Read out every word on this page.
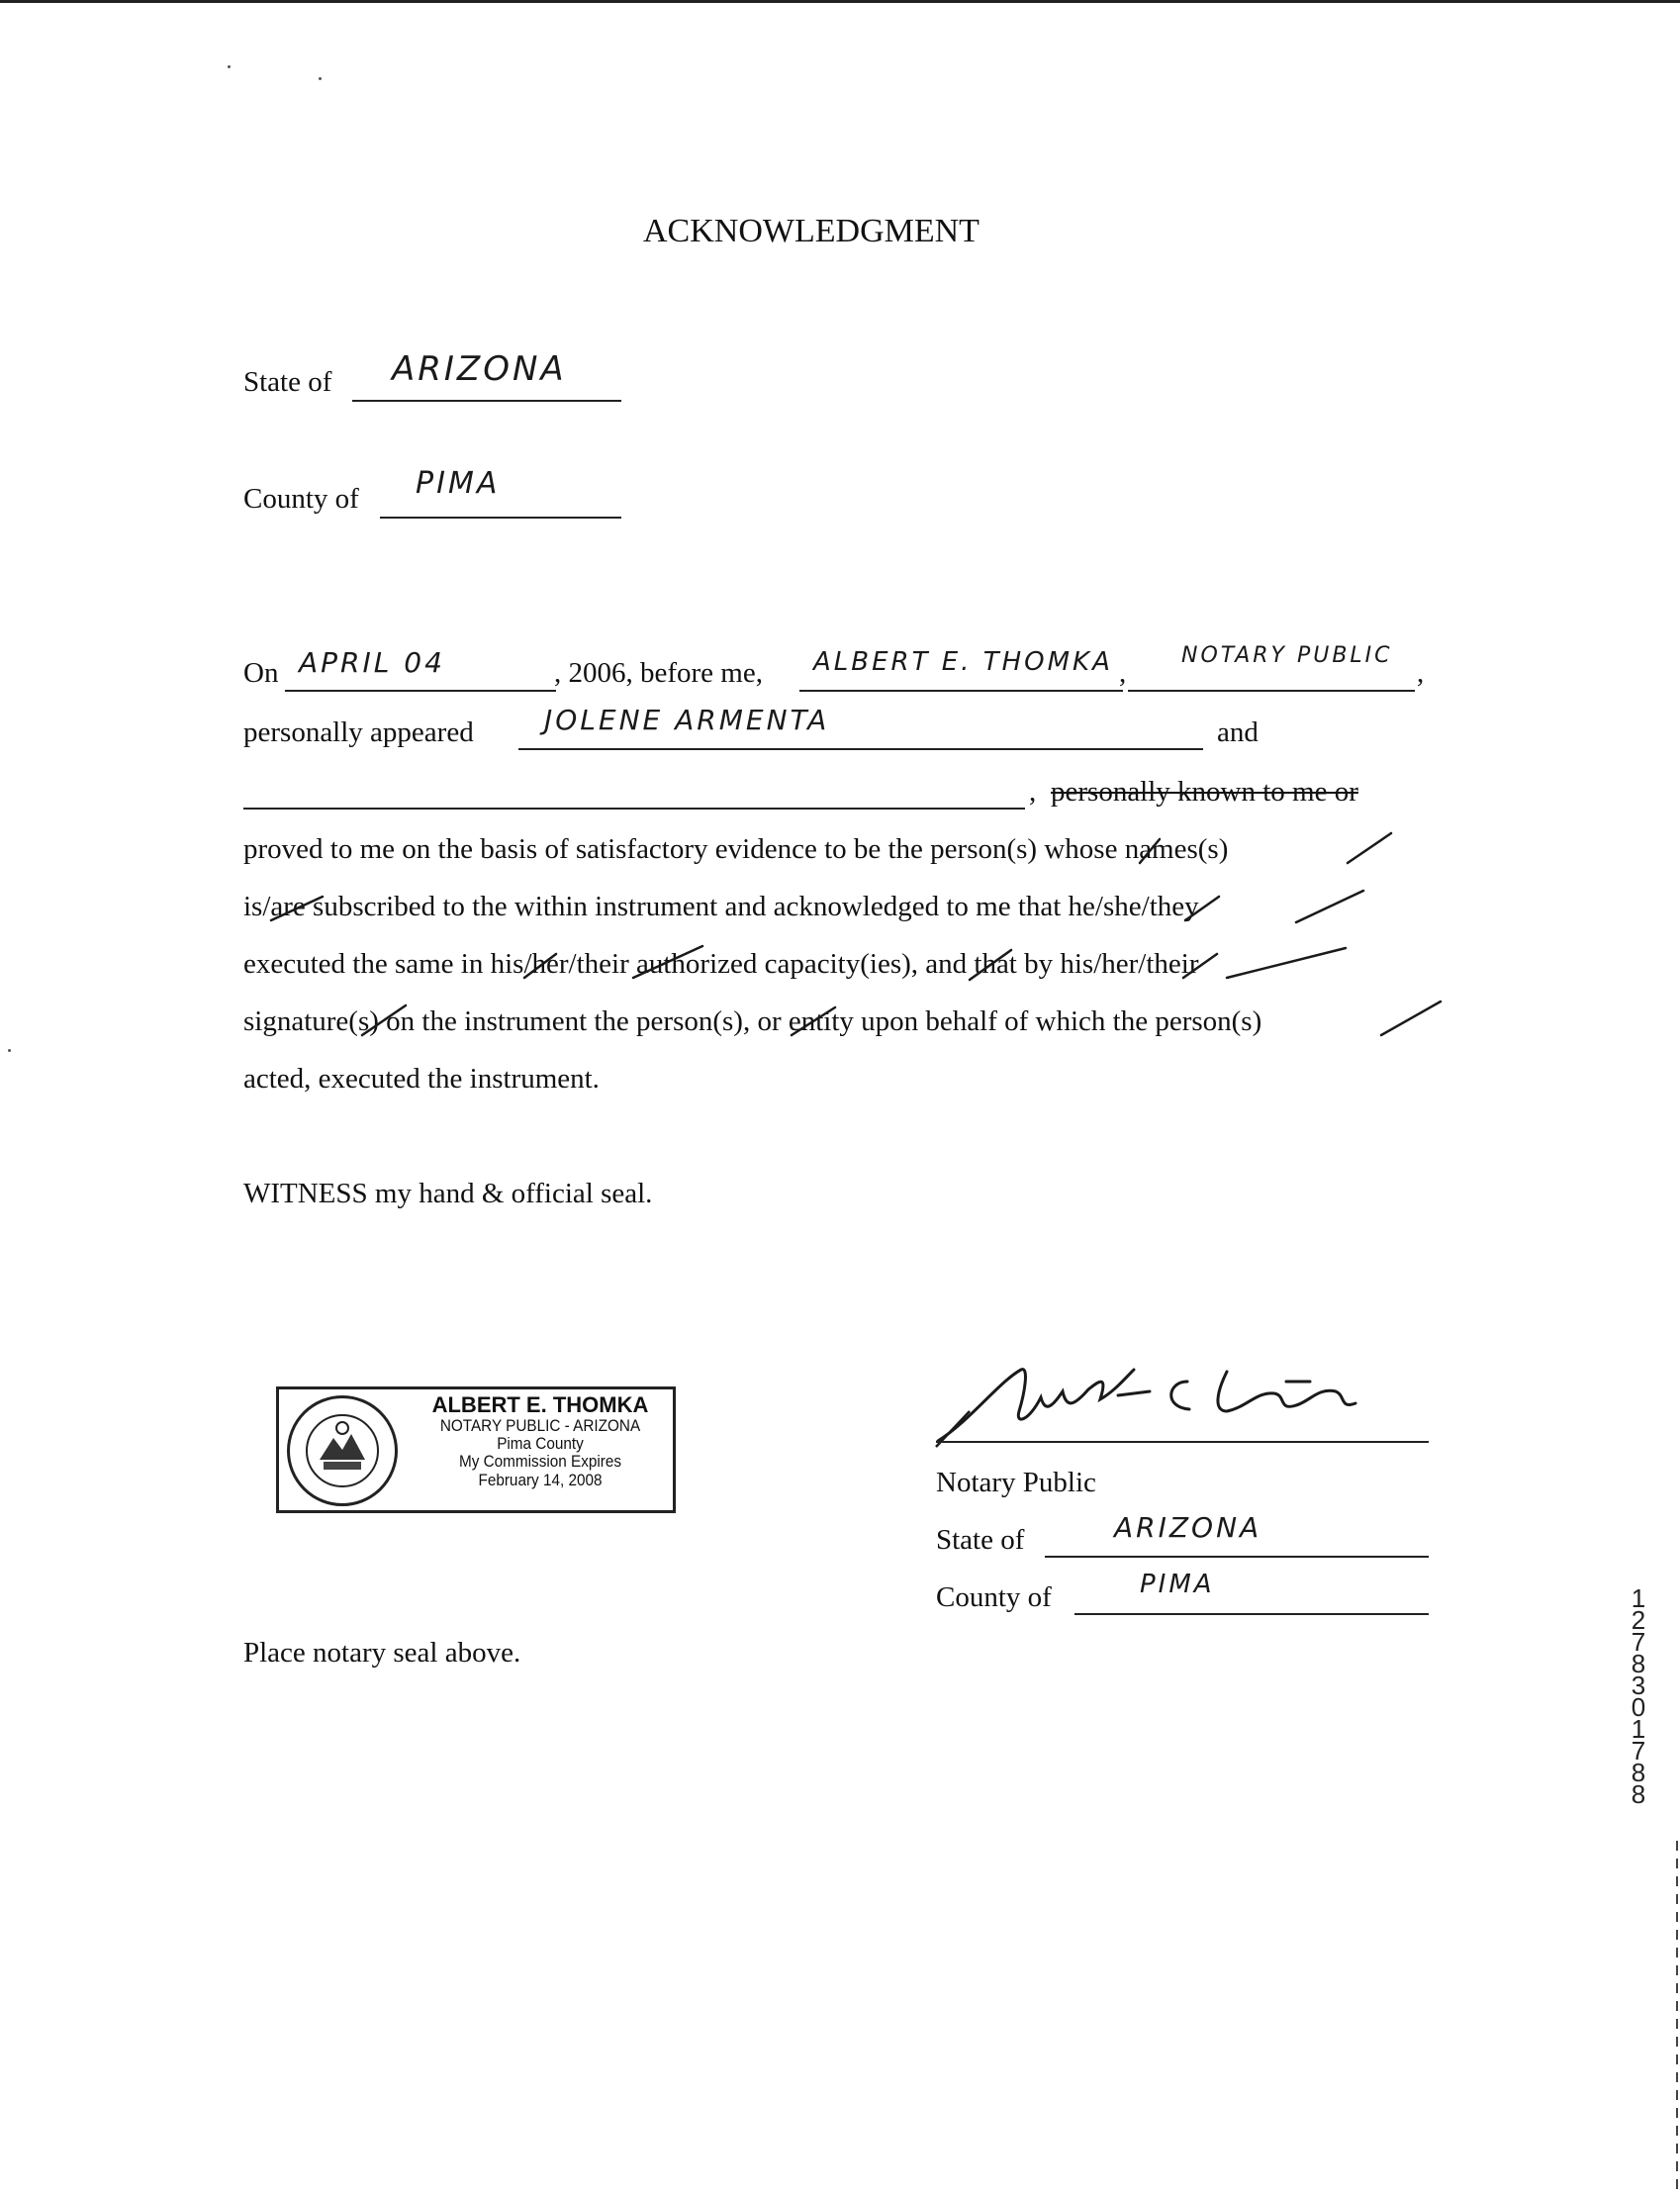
ACKNOWLEDGMENT
State of ARIZONA
County of PIMA
On APRIL 04	, 2006, before me, ALBERT E. THOMKA ,
NOTARY PUBLIC
,
personally appeared	JOLENE ARMENTA	and
, personally known to me or
proved to me on the basis of satisfactory evidence to be the person(s) whose names(s)
is/are subscribed to the within instrument and acknowledged to me that he/she/they
executed the same in his/her/their authorized capacity(ies), and that by his/her/their
signature(s) on the instrument the person(s), or entity upon behalf of which the person(s)
acted, executed the instrument.
WITNESS my hand & official seal.
ALBERT E. THOMKA
NOTARY PUBLIC - ARIZONA
Pima County
My Commission Expires
February 14, 2008	Notary Public
State of	ARIZONA
County of	PIMA
Place notary seal above.
12783 01788
